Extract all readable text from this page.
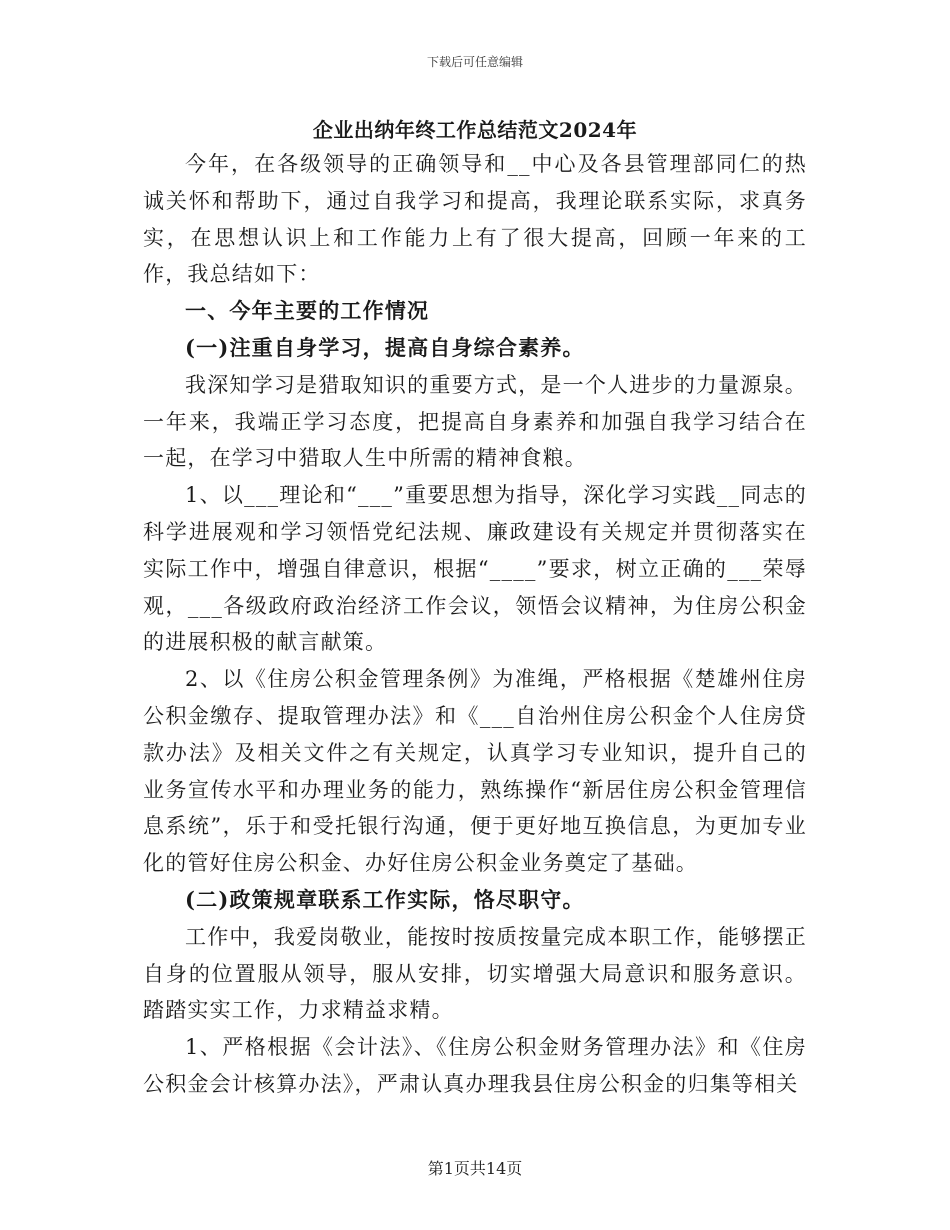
下载后可任意编辑
企业出纳年终工作总结范文2024年

今年，在各级领导的正确领导和__中心及各县管理部同仁的热诚关怀和帮助下，通过自我学习和提高，我理论联系实际，求真务实，在思想认识上和工作能力上有了很大提高，回顾一年来的工作，我总结如下：

一、今年主要的工作情况

(一)注重自身学习，提高自身综合素养。

我深知学习是猎取知识的重要方式，是一个人进步的力量源泉。一年来，我端正学习态度，把提高自身素养和加强自我学习结合在一起，在学习中猎取人生中所需的精神食粮。

1、以___理论和“___”重要思想为指导，深化学习实践__同志的科学进展观和学习领悟党纪法规、廉政建设有关规定并贯彻落实在实际工作中，增强自律意识，根据“____”要求，树立正确的___荣辱观，___各级政府政治经济工作会议，领悟会议精神，为住房公积金的进展积极的献言献策。

2、以《住房公积金管理条例》为准绳，严格根据《楚雄州住房公积金缴存、提取管理办法》和《___自治州住房公积金个人住房贷款办法》及相关文件之有关规定，认真学习专业知识，提升自己的业务宣传水平和办理业务的能力，熟练操作“新居住房公积金管理信息系统”，乐于和受托银行沟通，便于更好地互换信息，为更加专业化的管好住房公积金、办好住房公积金业务奠定了基础。

(二)政策规章联系工作实际，恪尽职守。

工作中，我爱岗敬业，能按时按质按量完成本职工作，能够摆正自身的位置服从领导，服从安排，切实增强大局意识和服务意识。踏踏实实工作，力求精益求精。

1、严格根据《会计法》、《住房公积金财务管理办法》和《住房公积金会计核算办法》，严肃认真办理我县住房公积金的归集等相关

第1页共14页
